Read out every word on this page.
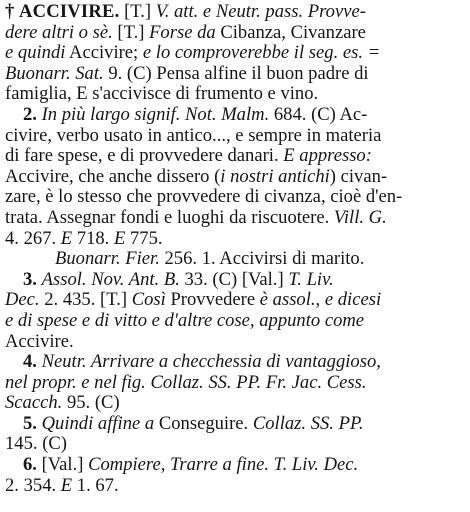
† ACCIVIRE. [T.] V. att. e Neutr. pass. Provve-
dere altri o sè. [T.] Forse da Cibanza, Civanzare
e quindi Accivire; e lo comproverebbe il seg. es. =
Buonarr. Sat. 9. (C) Pensa alfine il buon padre di
famiglia, E s'accivisce di frumento e vino.
2. In più largo signif. Not. Malm. 684. (C) Ac-
civire, verbo usato in antico..., e sempre in materia
di fare spese, e di provvedere danari. E appresso:
Accivire, che anche dissero (i nostri antichi) civan-
zare, è lo stesso che provvedere di civanza, cioè d'en-
trata. Assegnar fondi e luoghi da riscuotere. Vill. G.
4. 267. E 718. E 775.
Buonarr. Fier. 256. 1. Accivirsi di marito.
3. Assol. Nov. Ant. B. 33. (C) [Val.] T. Liv.
Dec. 2. 435. [T.] Così Provvedere è assol., e dicesi
e di spese e di vitto e d'altre cose, appunto come
Accivire.
4. Neutr. Arrivare a checchessia di vantaggioso,
nel propr. e nel fig. Collaz. SS. PP. Fr. Jac. Cess.
Scacch. 95. (C)
5. Quindi affine a Conseguire. Collaz. SS. PP.
145. (C)
6. [Val.] Compiere, Trarre a fine. T. Liv. Dec.
2. 354. E 1. 67.
